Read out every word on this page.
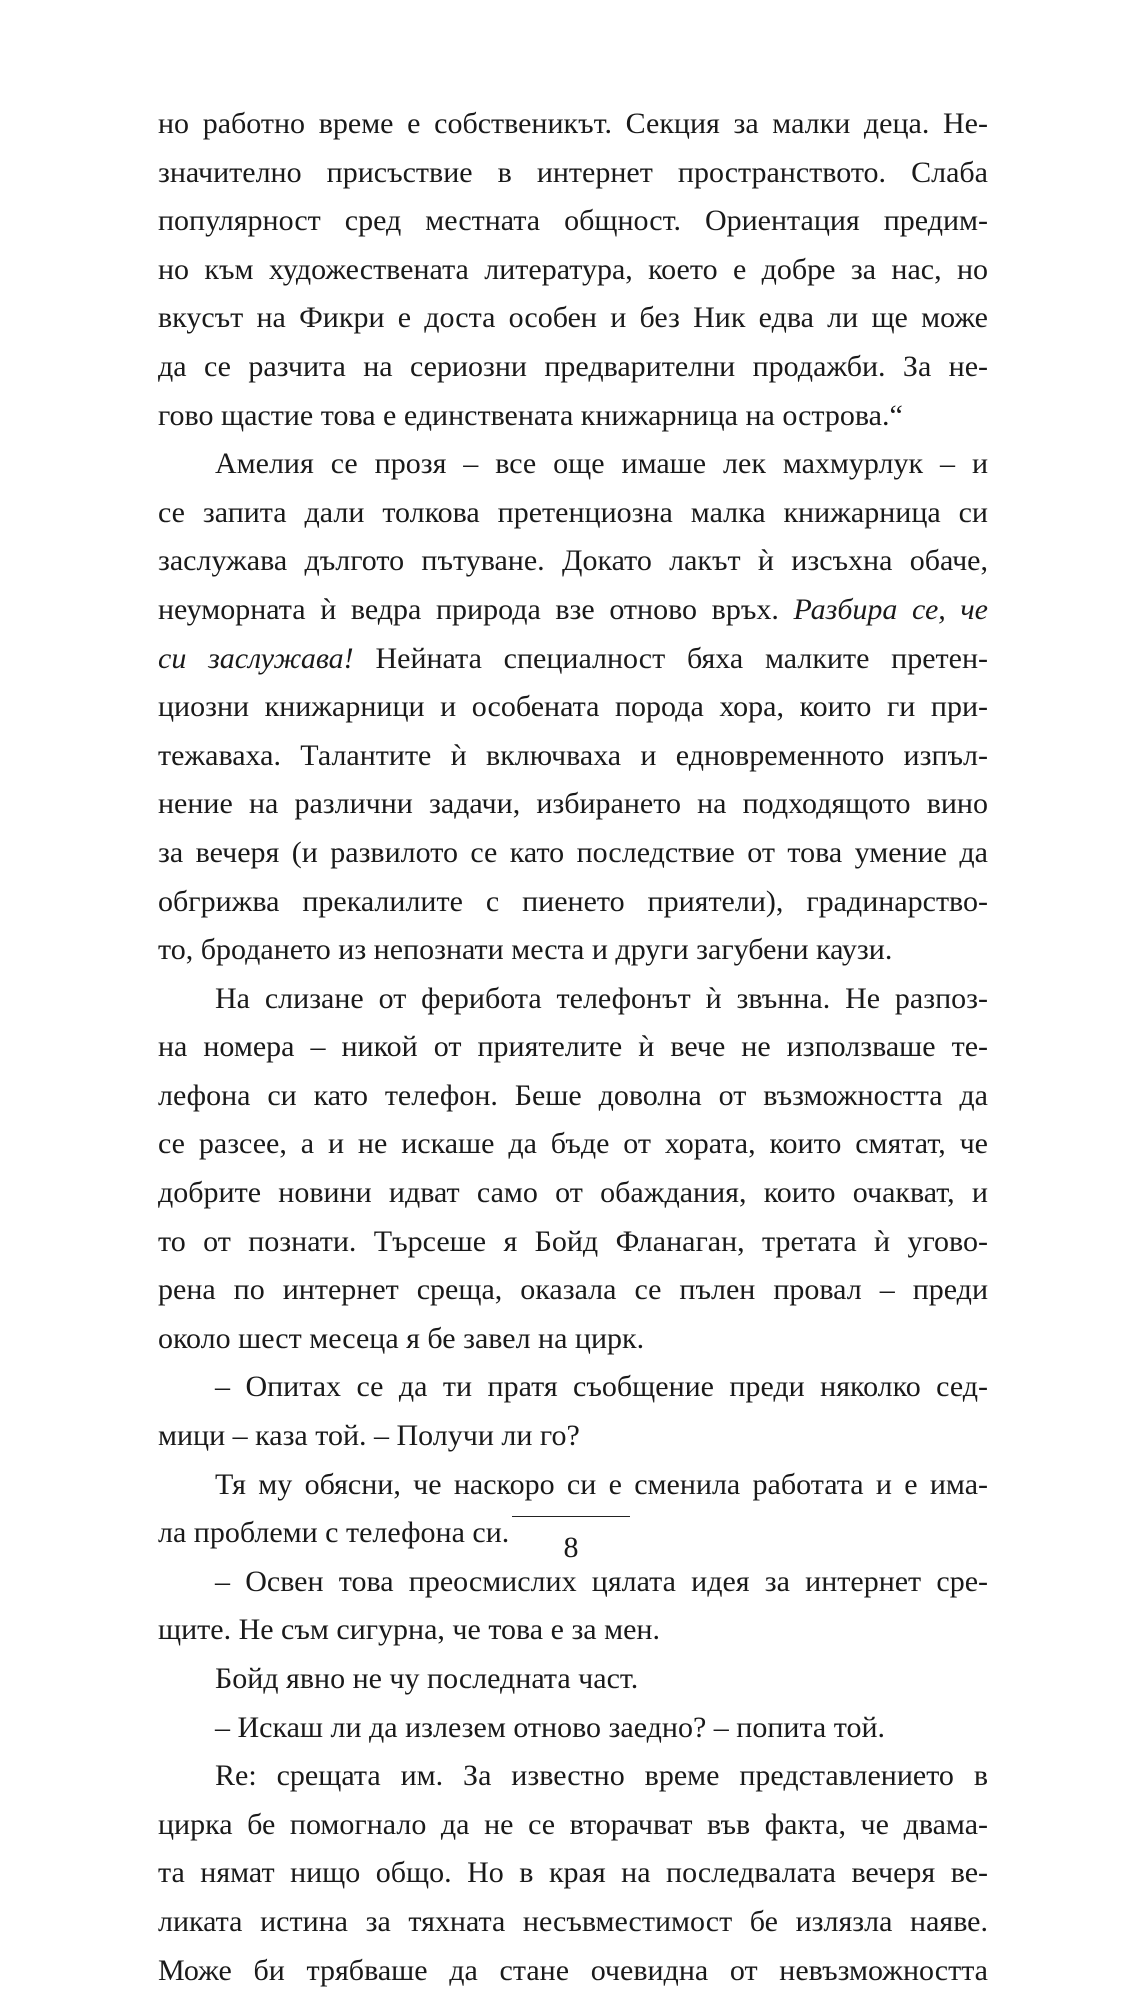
но работно време е собственикът. Секция за малки деца. Не-
значително присъствие в интернет пространството. Слаба
популярност сред местната общност. Ориентация предим-
но към художествената литература, което е добре за нас, но
вкусът на Фикри е доста особен и без Ник едва ли ще може
да се разчита на сериозни предварителни продажби. За не-
гово щастие това е единствената книжарница на острова.“
Амелия се прозя – все още имаше лек махмурлук – и
се запита дали толкова претенциозна малка книжарница си
заслужава дългото пътуване. Докато лакът ѝ изсъхна обаче,
неуморната ѝ ведра природа взе отново връх. Разбира се, че
си заслужава! Нейната специалност бяха малките претен-
циозни книжарници и особената порода хора, които ги при-
тежаваха. Талантите ѝ включваха и едновременното изпъл-
нение на различни задачи, избирането на подходящото вино
за вечеря (и развилото се като последствие от това умение да
обгрижва прекалилите с пиенето приятели), градинарство-
то, бродането из непознати места и други загубени каузи.
На слизане от ферибота телефонът ѝ звънна. Не разпоз-
на номера – никой от приятелите ѝ вече не използваше те-
лефона си като телефон. Беше доволна от възможността да
се разсее, а и не искаше да бъде от хората, които смятат, че
добрите новини идват само от обаждания, които очакват, и
то от познати. Търсеше я Бойд Фланаган, третата ѝ угово-
рена по интернет среща, оказала се пълен провал – преди
около шест месеца я бе завел на цирк.
– Опитах се да ти пратя съобщение преди няколко сед-
мици – каза той. – Получи ли го?
Тя му обясни, че наскоро си е сменила работата и е има-
ла проблеми с телефона си.
– Освен това преосмислих цялата идея за интернет сре-
щите. Не съм сигурна, че това е за мен.
Бойд явно не чу последната част.
– Искаш ли да излезем отново заедно? – попита той.
Re: срещата им. За известно време представлението в
цирка бе помогнало да не се вторачват във факта, че двама-
та нямат нищо общо. Но в края на последвалата вечеря ве-
ликата истина за тяхната несъвместимост бе излязла наяве.
Може би трябваше да стане очевидна от невъзможността
8
